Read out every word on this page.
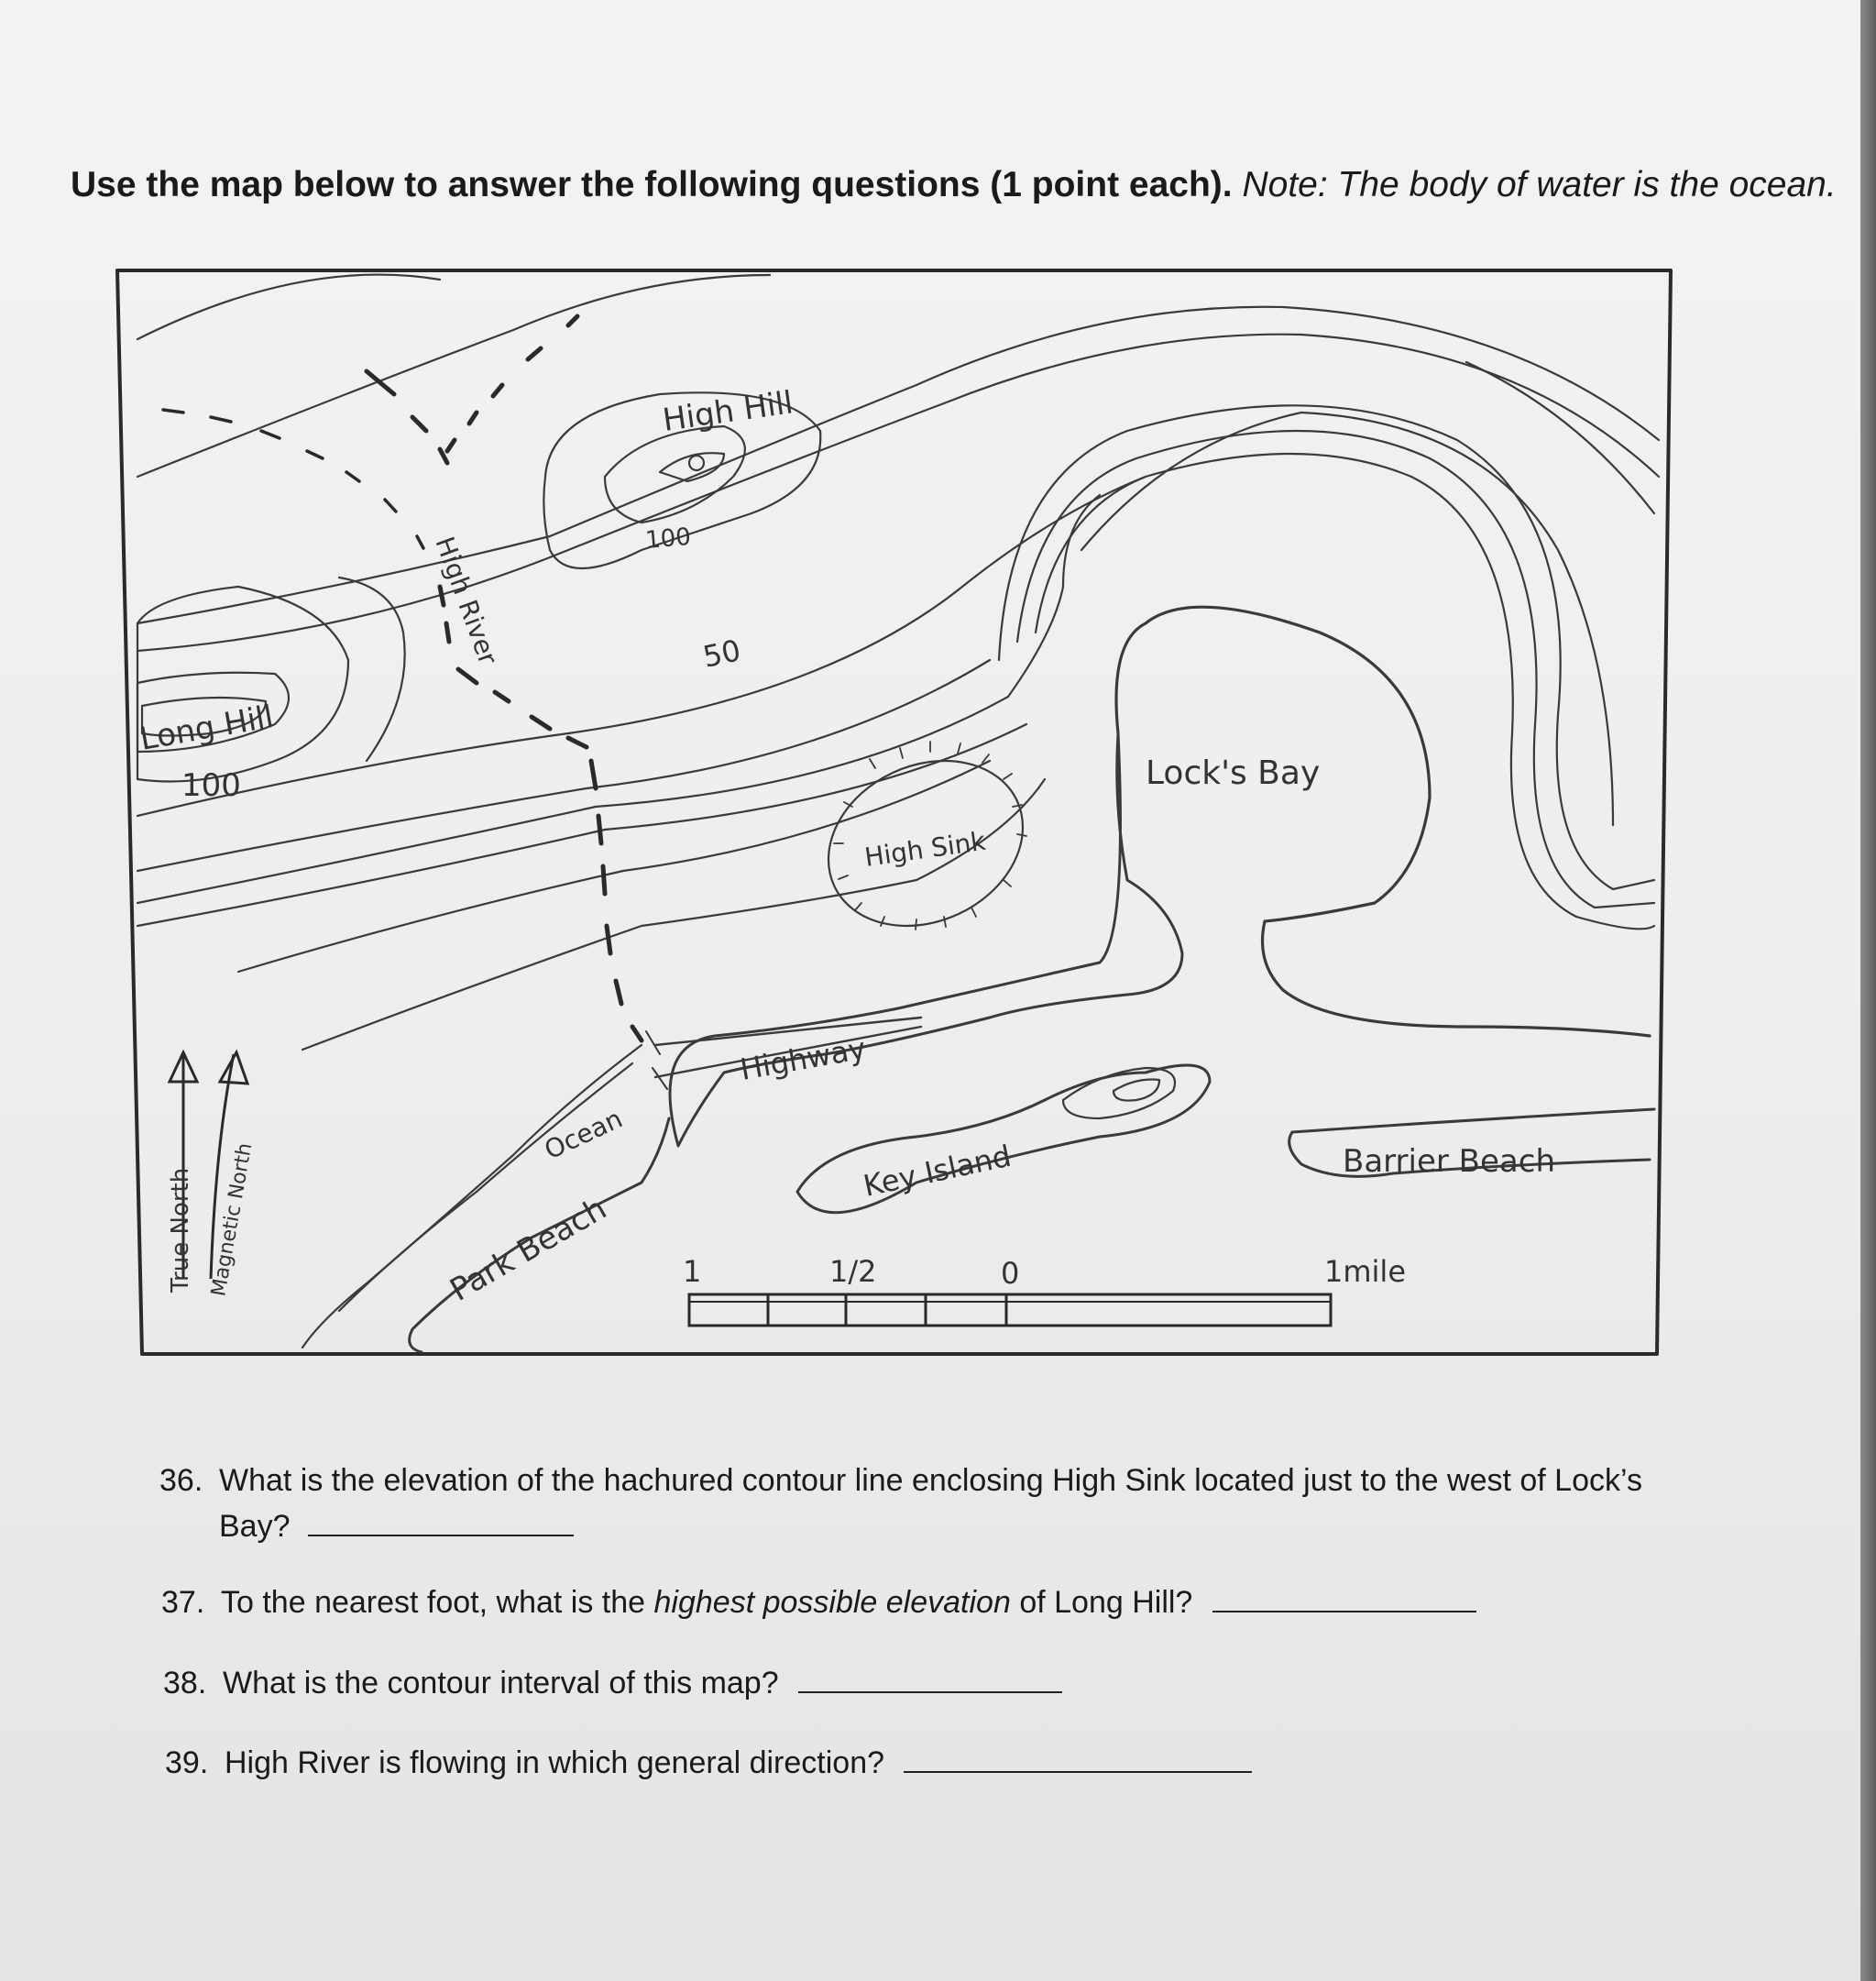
Use the map below to answer the following questions (1 point each). Note: The body of water is the ocean.
High Hill
100
Long Hill
100
50
High River
High Sink
Lock's Bay
Highway
Key Island	Barrier Beach
Ocean
Park Beach
True North Magnetic North	1	1/2	0	1mile
36. What is the elevation of the hachured contour line enclosing High Sink located just to the west of Lock’s
Bay?
37. To the nearest foot, what is the highest possible elevation of Long Hill?
38. What is the contour interval of this map?
39. High River is flowing in which general direction?
